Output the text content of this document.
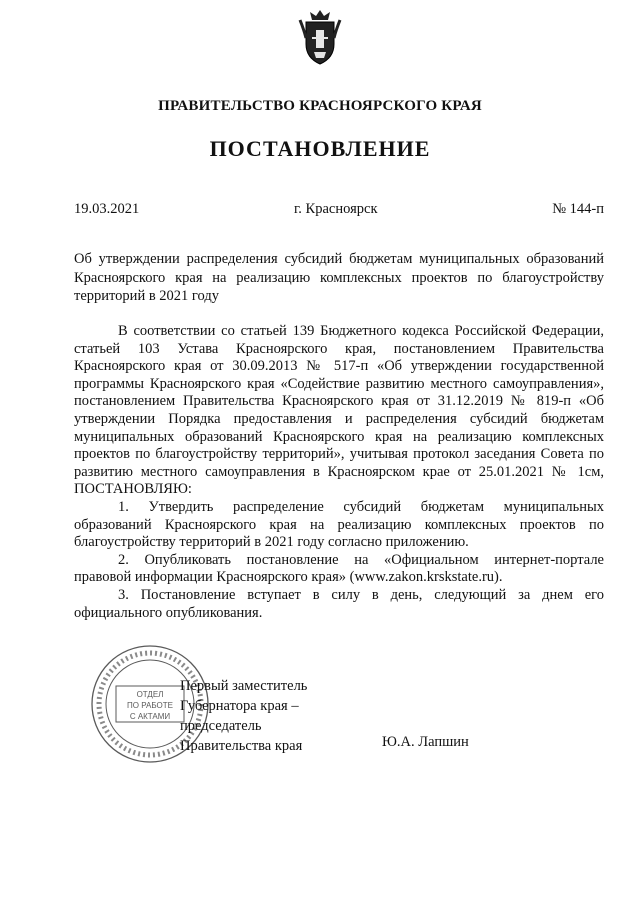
ПРАВИТЕЛЬСТВО КРАСНОЯРСКОГО КРАЯ
ПОСТАНОВЛЕНИЕ
19.03.2021	г. Красноярск	№ 144-п

Об утверждении распределения субсидий бюджетам муниципальных образований Красноярского края на реализацию комплексных проектов по благоустройству территорий в 2021 году

В соответствии со статьей 139 Бюджетного кодекса Российской Федерации, статьей 103 Устава Красноярского края, постановлением Правительства Красноярского края от 30.09.2013 № 517-п «Об утверждении государственной программы Красноярского края «Содействие развитию местного самоуправления», постановлением Правительства Красноярского края от 31.12.2019 № 819-п «Об утверждении Порядка предоставления и распределения субсидий бюджетам муниципальных образований Красноярского края на реализацию комплексных проектов по благоустройству территорий», учитывая протокол заседания Совета по развитию местного самоуправления в Красноярском крае от 25.01.2021 № 1см, ПОСТАНОВЛЯЮ:

1. Утвердить распределение субсидий бюджетам муниципальных образований Красноярского края на реализацию комплексных проектов по благоустройству территорий в 2021 году согласно приложению.

2. Опубликовать постановление на «Официальном интернет-портале правовой информации Красноярского края» (www.zakon.krskstate.ru).

3. Постановление вступает в силу в день, следующий за днем его официального опубликования.

ОТДЕЛ
ПО РАБОТЕ
С АКТАМИ
Первый заместитель
Губернатора края –
председатель
Правительства края	Ю.А. Лапшин
